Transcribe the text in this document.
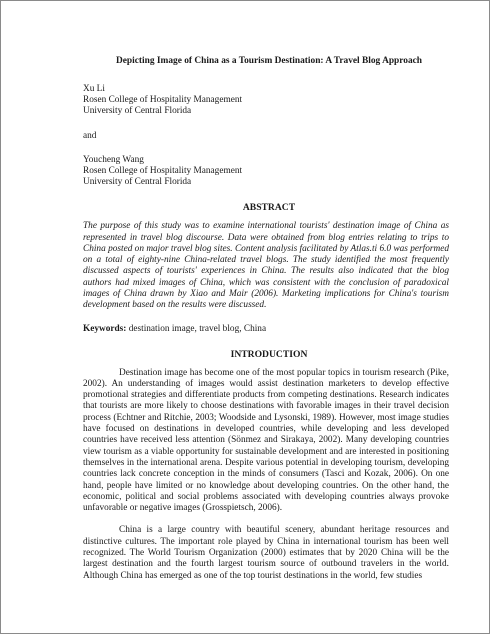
Depicting Image of China as a Tourism Destination: A Travel Blog Approach

Xu Li

Rosen College of Hospitality Management

University of Central Florida

and

Youcheng Wang

Rosen College of Hospitality Management

University of Central Florida

ABSTRACT

The purpose of this study was to examine international tourists' destination image of China as represented in travel blog discourse. Data were obtained from blog entries relating to trips to China posted on major travel blog sites. Content analysis facilitated by Atlas.ti 6.0 was performed on a total of eighty-nine China-related travel blogs. The study identified the most frequently discussed aspects of tourists' experiences in China. The results also indicated that the blog authors had mixed images of China, which was consistent with the conclusion of paradoxical images of China drawn by Xiao and Mair (2006). Marketing implications for China's tourism development based on the results were discussed.

Keywords: destination image, travel blog, China

INTRODUCTION

Destination image has become one of the most popular topics in tourism research (Pike, 2002). An understanding of images would assist destination marketers to develop effective promotional strategies and differentiate products from competing destinations. Research indicates that tourists are more likely to choose destinations with favorable images in their travel decision process (Echtner and Ritchie, 2003; Woodside and Lysonski, 1989). However, most image studies have focused on destinations in developed countries, while developing and less developed countries have received less attention (Sönmez and Sirakaya, 2002). Many developing countries view tourism as a viable opportunity for sustainable development and are interested in positioning themselves in the international arena. Despite various potential in developing tourism, developing countries lack concrete conception in the minds of consumers (Tasci and Kozak, 2006). On one hand, people have limited or no knowledge about developing countries. On the other hand, the economic, political and social problems associated with developing countries always provoke unfavorable or negative images (Grosspietsch, 2006).

China is a large country with beautiful scenery, abundant heritage resources and distinctive cultures. The important role played by China in international tourism has been well recognized. The World Tourism Organization (2000) estimates that by 2020 China will be the largest destination and the fourth largest tourism source of outbound travelers in the world. Although China has emerged as one of the top tourist destinations in the world, few studies
